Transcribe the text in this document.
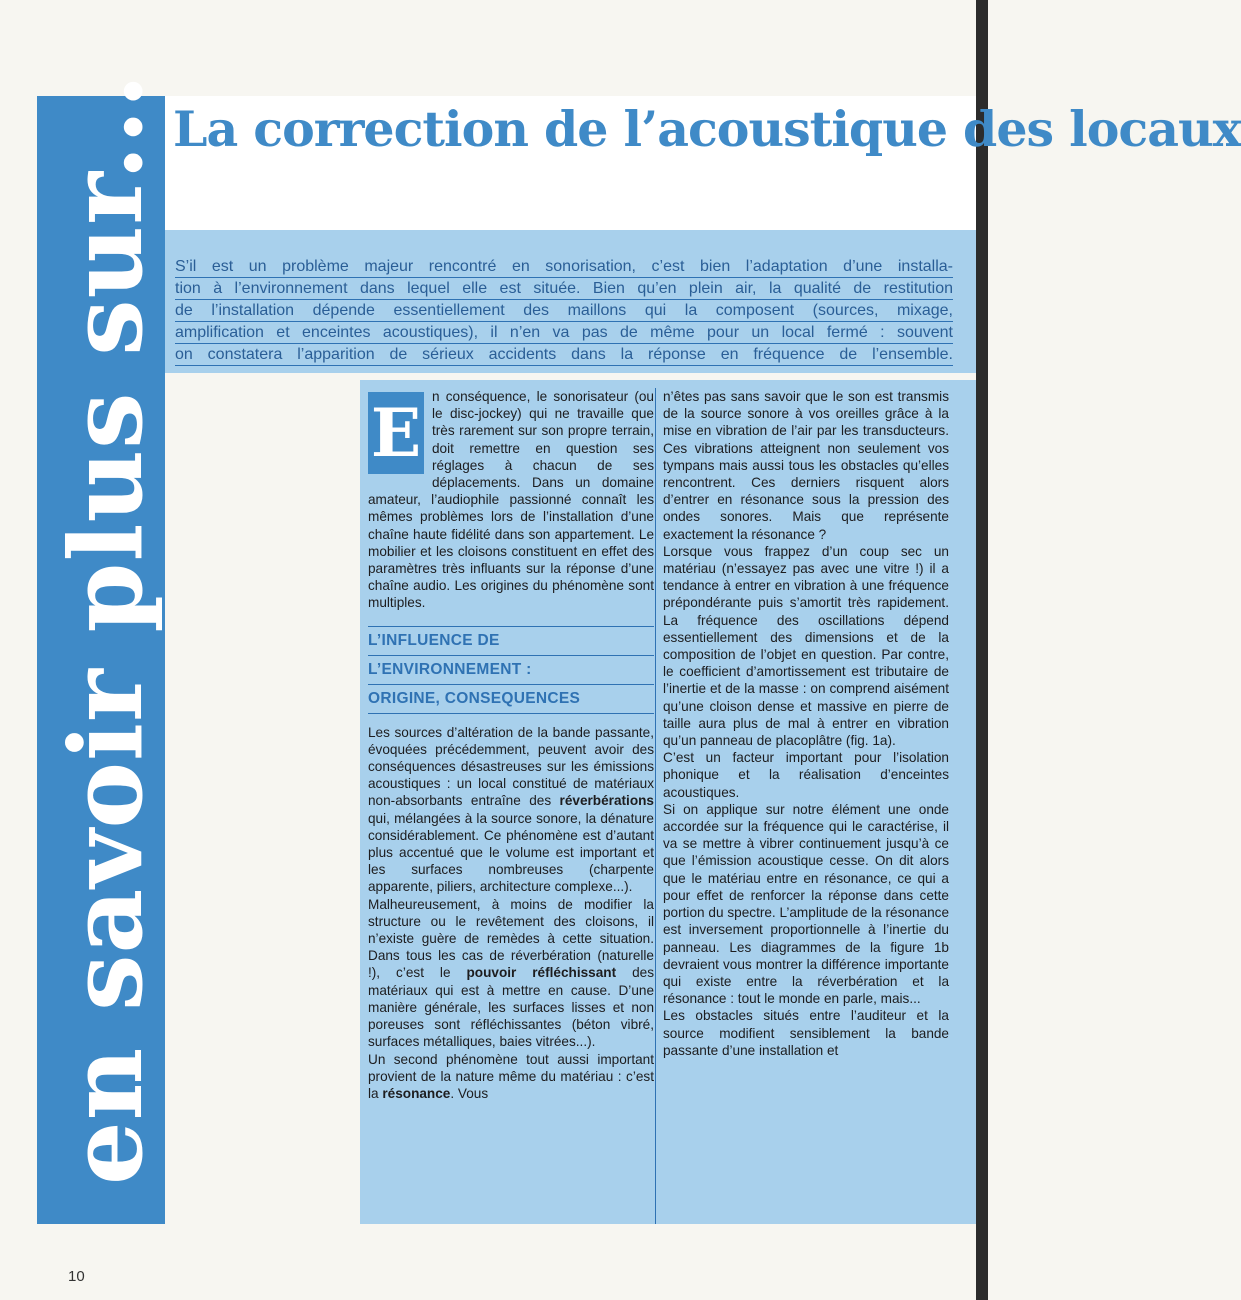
en savoir plus sur... La correction de l’acoustique des locaux
S’il est un problème majeur rencontré en sonorisation, c’est bien l’adaptation d’une installa-
tion à l’environnement dans lequel elle est située. Bien qu’en plein air, la qualité de restitution
de l’installation dépende essentiellement des maillons qui la composent (sources, mixage,
amplification et enceintes acoustiques), il n’en va pas de même pour un local fermé : souvent
on constatera l’apparition de sérieux accidents dans la réponse en fréquence de l’ensemble.

E n conséquence, le sonorisateur (ou le disc-jockey) qui ne travaille que très rarement sur son propre terrain, doit remettre en question ses réglages à chacun de ses déplacements. Dans un domaine amateur, l’audiophile passionné connaît les mêmes problèmes lors de l’installation d’une chaîne haute fidélité dans son appartement. Le mobilier et les cloisons constituent en effet des paramètres très influants sur la réponse d’une chaîne audio. Les origines du phénomène sont multiples.

L’INFLUENCE DE
L’ENVIRONNEMENT :
ORIGINE, CONSEQUENCES

Les sources d’altération de la bande passante, évoquées précédemment, peuvent avoir des conséquences désastreuses sur les émissions acoustiques : un local constitué de matériaux non-absorbants entraîne des réverbérations qui, mélangées à la source sonore, la dénature considérablement. Ce phénomène est d’autant plus accentué que le volume est important et les surfaces nombreuses (charpente apparente, piliers, architecture complexe...).

Malheureusement, à moins de modifier la structure ou le revêtement des cloisons, il n’existe guère de remèdes à cette situation. Dans tous les cas de réverbération (naturelle !), c’est le pouvoir réfléchissant des matériaux qui est à mettre en cause. D’une manière générale, les surfaces lisses et non poreuses sont réfléchissantes (béton vibré, surfaces métalliques, baies vitrées...).

Un second phénomène tout aussi important provient de la nature même du matériau : c’est la résonance. Vous

n’êtes pas sans savoir que le son est transmis de la source sonore à vos oreilles grâce à la mise en vibration de l’air par les transducteurs. Ces vibrations atteignent non seulement vos tympans mais aussi tous les obstacles qu’elles rencontrent. Ces derniers risquent alors d’entrer en résonance sous la pression des ondes sonores. Mais que représente exactement la résonance ?

Lorsque vous frappez d’un coup sec un matériau (n’essayez pas avec une vitre !) il a tendance à entrer en vibration à une fréquence prépondérante puis s’amortit très rapidement. La fréquence des oscillations dépend essentiellement des dimensions et de la composition de l’objet en question. Par contre, le coefficient d’amortissement est tributaire de l’inertie et de la masse : on comprend aisément qu’une cloison dense et massive en pierre de taille aura plus de mal à entrer en vibration qu’un panneau de placoplâtre (fig. 1a).

C’est un facteur important pour l’isolation phonique et la réalisation d’enceintes acoustiques.

Si on applique sur notre élément une onde accordée sur la fréquence qui le caractérise, il va se mettre à vibrer continuement jusqu’à ce que l’émission acoustique cesse. On dit alors que le matériau entre en résonance, ce qui a pour effet de renforcer la réponse dans cette portion du spectre. L’amplitude de la résonance est inversement proportionnelle à l’inertie du panneau. Les diagrammes de la figure 1b devraient vous montrer la différence importante qui existe entre la réverbération et la résonance : tout le monde en parle, mais...

Les obstacles situés entre l’auditeur et la source modifient sensiblement la bande passante d’une installation et

10
